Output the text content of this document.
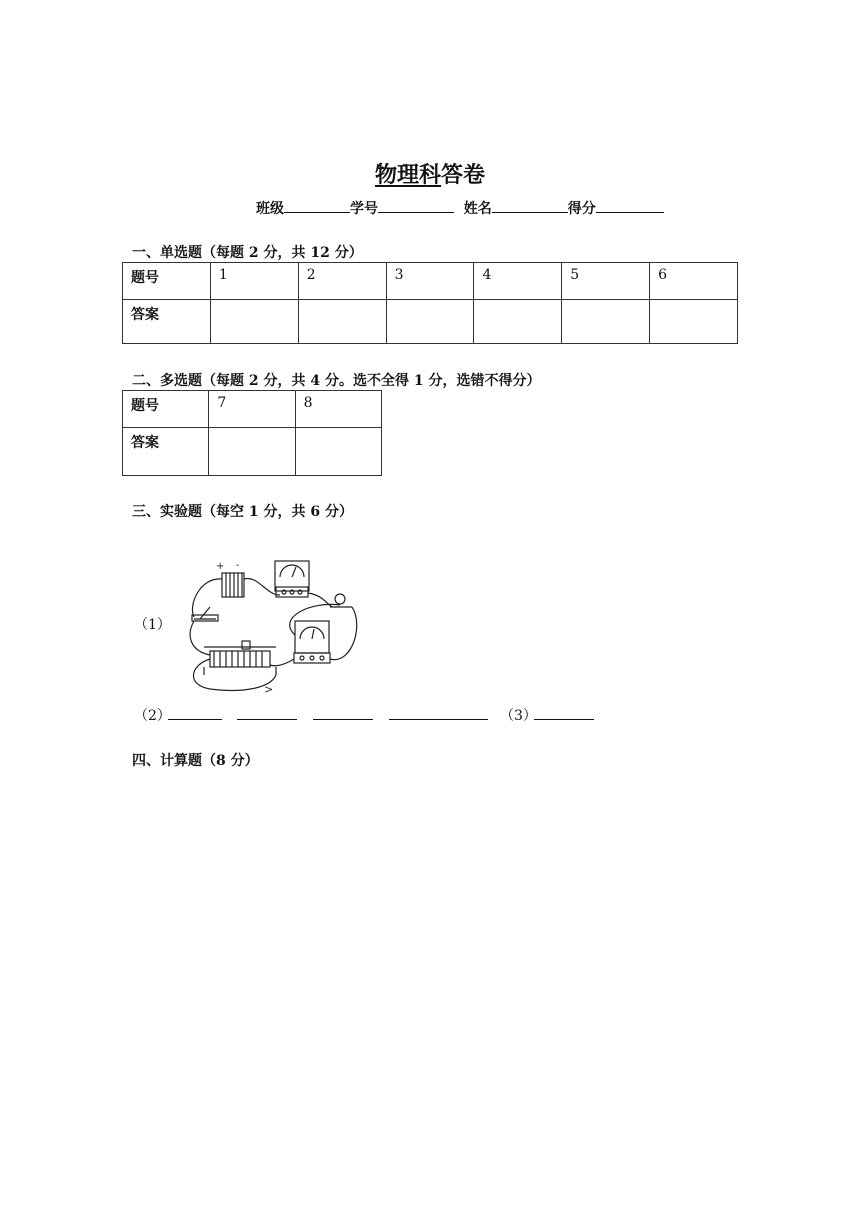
物理科答卷
班级	学号	姓名	得分
一、单选题（每题 2 分，共 12 分）
题号	1	2	3	4	5	6
答案						
二、多选题（每题 2 分，共 4 分。选不全得 1 分，选错不得分）
题号	7	8
答案		
三、实验题（每空 1 分，共 6 分）
（1）
+ -
>
（2）	（3）
四、计算题（8 分）
